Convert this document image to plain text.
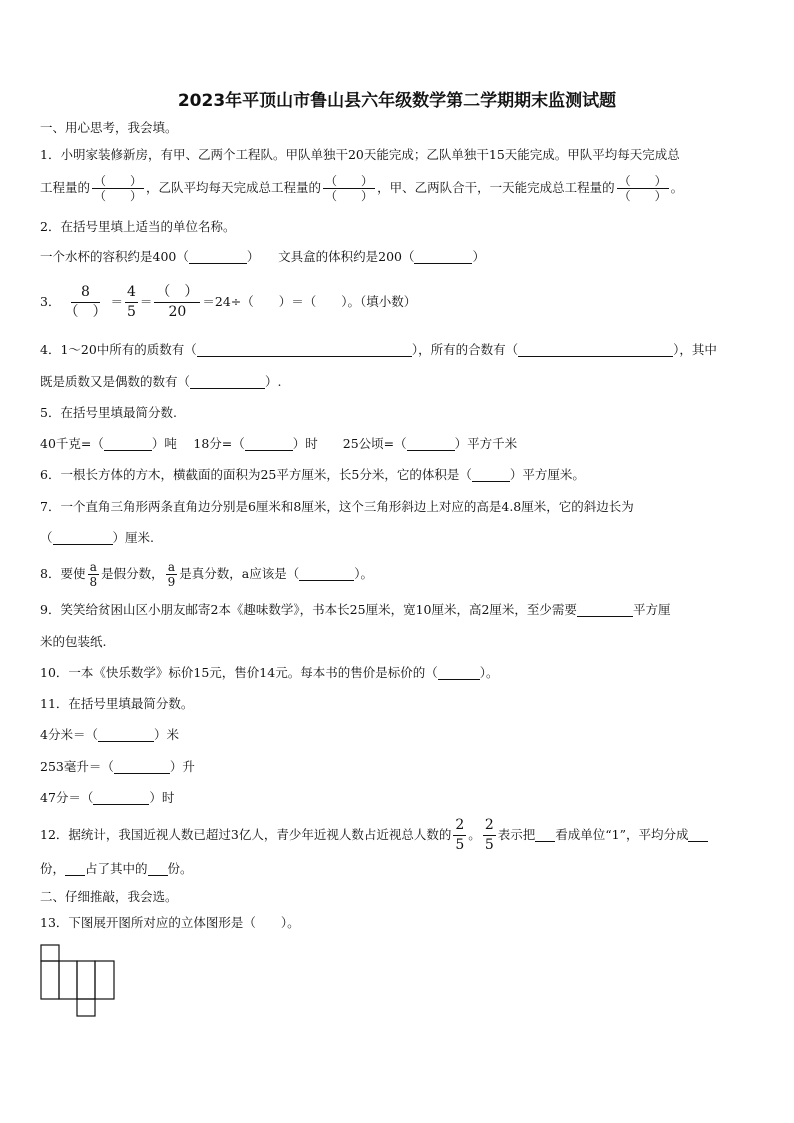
2023年平顶山市鲁山县六年级数学第二学期期末监测试题
一、用心思考，我会填。
1．小明家装修新房，有甲、乙两个工程队。甲队单独干20天能完成；乙队单独干15天能完成。甲队平均每天完成总
工程量的 $\frac{( )}{( )}$ ，乙队平均每天完成总工程量的 $\frac{( )}{( )}$ ，甲、乙两队合干，一天能完成总工程量的 $\frac{( )}{( )}$ 。
2．在括号里填上适当的单位名称。
一个水杯的容积约是400（	）　　文具盒的体积约是200（	）
3． $\frac{8}{( )} = \frac{4}{5} = \frac{( )}{20} =24\div$（　　）＝（　　）。（填小数）
4．1～20中所有的质数有（	），所有的合数有（	），其中
既是质数又是偶数的数有（	）.
5．在括号里填最简分数.
40千克=（	）吨　 18分=（	）时　　25公顷=（	）平方千米
6．一根长方体的方木，横截面的面积为25平方厘米，长5分米，它的体积是（	）平方厘米。
7．一个直角三角形两条直角边分别是6厘米和8厘米，这个三角形斜边上对应的高是4.8厘米，它的斜边长为
（	）厘米.
8．要使 $\frac{a}{8}$ 是假分数， $\frac{a}{9}$ 是真分数，a应该是（	）。
9．笑笑给贫困山区小朋友邮寄2本《趣味数学》，书本长25厘米，宽10厘米，高2厘米，至少需要	平方厘
米的包装纸.
10．一本《快乐数学》标价15元，售价14元。每本书的售价是标价的（	）。
11．在括号里填最简分数。
4分米＝（	）米
253毫升＝（	）升
47分＝（	）时
12．据统计，我国近视人数已超过3亿人，青少年近视人数占近视总人数的 $\frac{2}{5}$ 。 $\frac{2}{5}$ 表示把 看成单位“1”，平均分成
份， 占了其中的 份。
二、仔细推敲，我会选。
13．下图展开图所对应的立体图形是（　　）。
